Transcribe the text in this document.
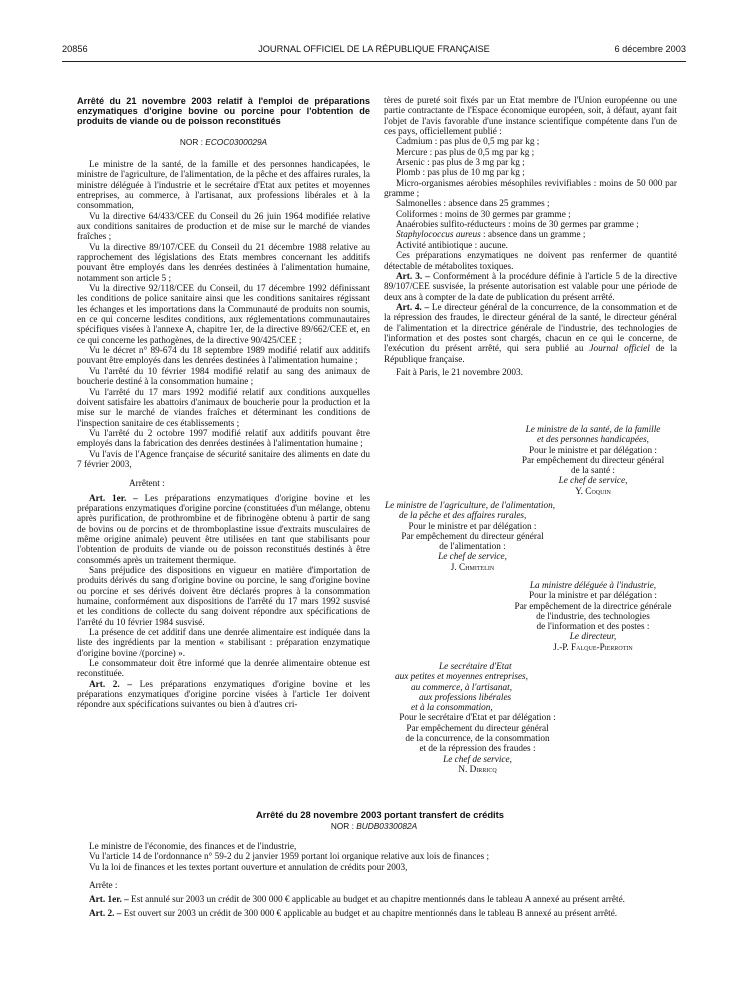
20856	JOURNAL OFFICIEL DE LA RÉPUBLIQUE FRANÇAISE	6 décembre 2003

Arrêté du 21 novembre 2003 relatif à l'emploi de préparations enzymatiques d'origine bovine ou porcine pour l'obtention de produits de viande ou de poisson reconstitués

NOR : ECOC0300029A

Le ministre de la santé, de la famille et des personnes handicapées, le ministre de l'agriculture, de l'alimentation, de la pêche et des affaires rurales, la ministre déléguée à l'industrie et le secrétaire d'Etat aux petites et moyennes entreprises, au commerce, à l'artisanat, aux professions libérales et à la consommation,

Vu la directive 64/433/CEE du Conseil du 26 juin 1964 modifiée relative aux conditions sanitaires de production et de mise sur le marché de viandes fraîches ;

Vu la directive 89/107/CEE du Conseil du 21 décembre 1988 relative au rapprochement des législations des Etats membres concernant les additifs pouvant être employés dans les denrées destinées à l'alimentation humaine, notamment son article 5 ;

Vu la directive 92/118/CEE du Conseil, du 17 décembre 1992 définissant les conditions de police sanitaire ainsi que les conditions sanitaires régissant les échanges et les importations dans la Communauté de produits non soumis, en ce qui concerne lesdites conditions, aux réglementations communautaires spécifiques visées à l'annexe A, chapitre 1er, de la directive 89/662/CEE et, en ce qui concerne les pathogènes, de la directive 90/425/CEE ;

Vu le décret n° 89-674 du 18 septembre 1989 modifié relatif aux additifs pouvant être employés dans les denrées destinées à l'alimentation humaine ;

Vu l'arrêté du 10 février 1984 modifié relatif au sang des animaux de boucherie destiné à la consommation humaine ;

Vu l'arrêté du 17 mars 1992 modifié relatif aux conditions auxquelles doivent satisfaire les abattoirs d'animaux de boucherie pour la production et la mise sur le marché de viandes fraîches et déterminant les conditions de l'inspection sanitaire de ces établissements ;

Vu l'arrêté du 2 octobre 1997 modifié relatif aux additifs pouvant être employés dans la fabrication des denrées destinées à l'alimentation humaine ;

Vu l'avis de l'Agence française de sécurité sanitaire des aliments en date du 7 février 2003,

Arrêtent :

Art. 1er. – Les préparations enzymatiques d'origine bovine et les préparations enzymatiques d'origine porcine (constituées d'un mélange, obtenu après purification, de prothrombine et de fibrinogène obtenu à partir de sang de bovins ou de porcins et de thromboplastine issue d'extraits musculaires de même origine animale) peuvent être utilisées en tant que stabilisants pour l'obtention de produits de viande ou de poisson reconstitués destinés à être consommés après un traitement thermique.

Sans préjudice des dispositions en vigueur en matière d'importation de produits dérivés du sang d'origine bovine ou porcine, le sang d'origine bovine ou porcine et ses dérivés doivent être déclarés propres à la consommation humaine, conformément aux dispositions de l'arrêté du 17 mars 1992 susvisé et les conditions de collecte du sang doivent répondre aux spécifications de l'arrêté du 10 février 1984 susvisé.

La présence de cet additif dans une denrée alimentaire est indiquée dans la liste des ingrédients par la mention « stabilisant : préparation enzymatique d'origine bovine /(porcine) ».

Le consommateur doit être informé que la denrée alimentaire obtenue est reconstituée.

Art. 2. – Les préparations enzymatiques d'origine bovine et les préparations enzymatiques d'origine porcine visées à l'article 1er doivent répondre aux spécifications suivantes ou bien à d'autres cri-

tères de pureté soit fixés par un Etat membre de l'Union européenne ou une partie contractante de l'Espace économique européen, soit, à défaut, ayant fait l'objet de l'avis favorable d'une instance scientifique compétente dans l'un de ces pays, officiellement publié :

Cadmium : pas plus de 0,5 mg par kg ;

Mercure : pas plus de 0,5 mg par kg ;

Arsenic : pas plus de 3 mg par kg ;

Plomb : pas plus de 10 mg par kg ;

Micro-organismes aérobies mésophiles revivifiables : moins de 50 000 par gramme ;

Salmonelles : absence dans 25 grammes ;

Coliformes : moins de 30 germes par gramme ;

Anaérobies sulfito-réducteurs : moins de 30 germes par gramme ;

Staphylococcus aureus : absence dans un gramme ;

Activité antibiotique : aucune.

Ces préparations enzymatiques ne doivent pas renfermer de quantité détectable de métabolites toxiques.

Art. 3. – Conformément à la procédure définie à l'article 5 de la directive 89/107/CEE susvisée, la présente autorisation est valable pour une période de deux ans à compter de la date de publication du présent arrêté.

Art. 4. – Le directeur général de la concurrence, de la consommation et de la répression des fraudes, le directeur général de la santé, le directeur général de l'alimentation et la directrice générale de l'industrie, des technologies de l'information et des postes sont chargés, chacun en ce qui le concerne, de l'exécution du présent arrêté, qui sera publié au Journal officiel de la République française.

Fait à Paris, le 21 novembre 2003.

Le ministre de la santé, de la famille
et des personnes handicapées,
Pour le ministre et par délégation :
Par empêchement du directeur général
de la santé :
Le chef de service,
Y. Coquin
Le ministre de l'agriculture, de l'alimentation,
de la pêche et des affaires rurales,
Pour le ministre et par délégation :
Par empêchement du directeur général
de l'alimentation :
Le chef de service,
J. Chmitelin
La ministre déléguée à l'industrie,
Pour la ministre et par délégation :
Par empêchement de la directrice générale
de l'industrie, des technologies
de l'information et des postes :
Le directeur,
J.-P. Falque-Pierrotin
Le secrétaire d'Etat
aux petites et moyennes entreprises,
au commerce, à l'artisanat,
aux professions libérales
et à la consommation,
Pour le secrétaire d'Etat et par délégation :
Par empêchement du directeur général
de la concurrence, de la consommation
et de la répression des fraudes :
Le chef de service,
N. Dirricq

Arrêté du 28 novembre 2003 portant transfert de crédits

NOR : BUDB0330082A

Le ministre de l'économie, des finances et de l'industrie,

Vu l'article 14 de l'ordonnance n° 59-2 du 2 janvier 1959 portant loi organique relative aux lois de finances ;

Vu la loi de finances et les textes portant ouverture et annulation de crédits pour 2003,

Arrête :

Art. 1er. – Est annulé sur 2003 un crédit de 300 000 € applicable au budget et au chapitre mentionnés dans le tableau A annexé au présent arrêté.

Art. 2. – Est ouvert sur 2003 un crédit de 300 000 € applicable au budget et au chapitre mentionnés dans le tableau B annexé au présent arrêté.
